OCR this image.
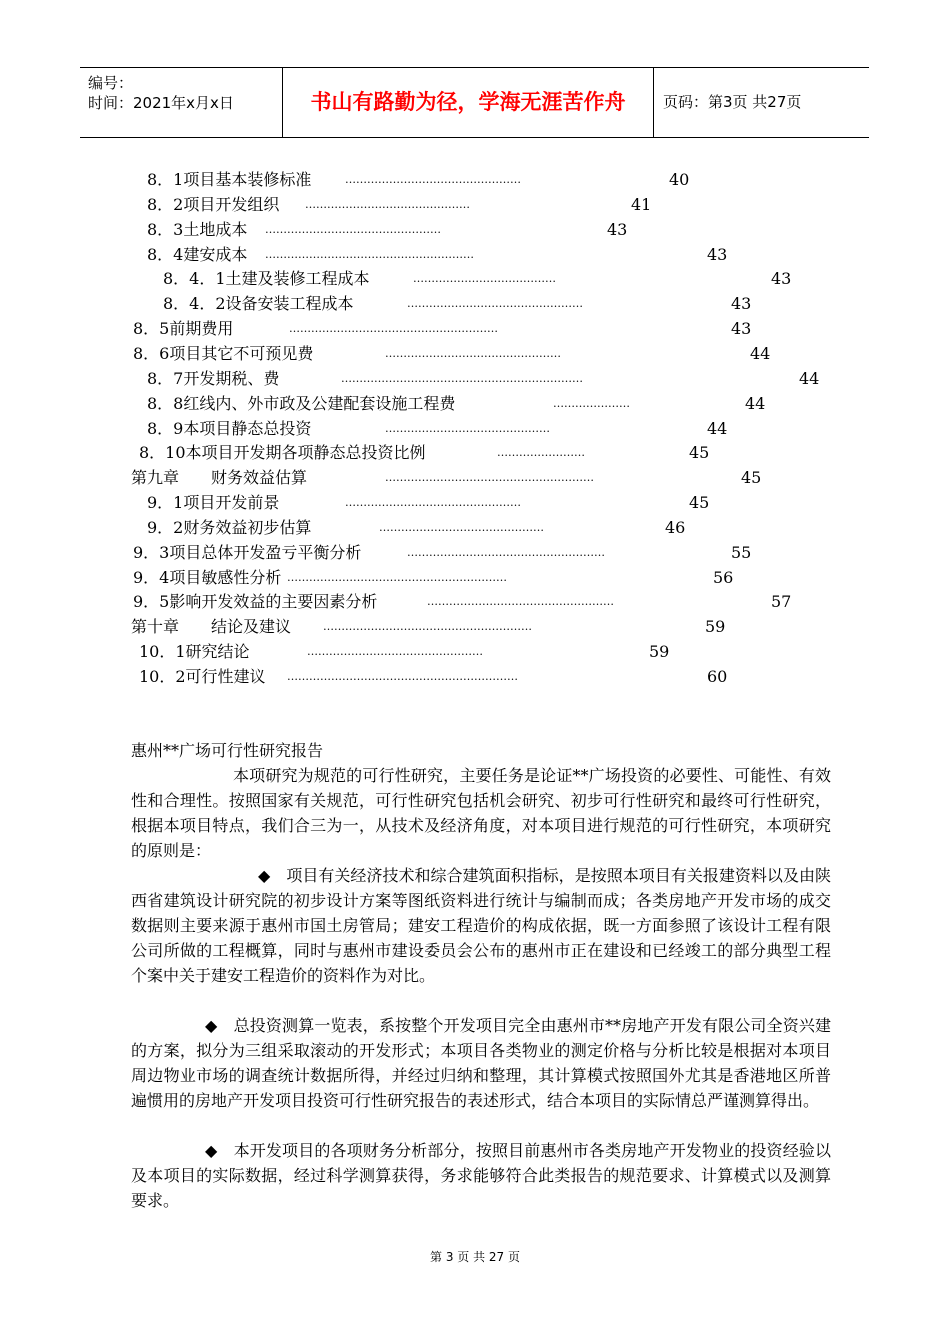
编号：
时间：2021年x月x日	书山有路勤为径，学海无涯苦作舟	页码：第3页 共27页
8．1项目基本装修标准	…………………………………………	40
8．2项目开发组织 ………………………………………	41
8．3土地成本 …………………………………………	43
8．4建安成本 …………………………………………………	43
8．4．1土建及装修工程成本	…………………………………	43
8．4．2设备安装工程成本	…………………………………………	43
8．5前期费用	…………………………………………………	43
8．6项目其它不可预见费	…………………………………………	44
8．7开发期税、费	…………………………………………………………	44
8．8红线内、外市政及公建配套设施工程费	…………………	44
8．9本项目静态总投资	………………………………………	44
8．10本项目开发期各项静态总投资比例	……………………	45
第九章　　财务效益估算	…………………………………………………	45
9．1项目开发前景	…………………………………………	45
9．2财务效益初步估算	………………………………………	46
9．3项目总体开发盈亏平衡分析	………………………………………………	55
9．4项目敏感性分析 ……………………………………………………	56
9．5影响开发效益的主要因素分析	……………………………………………	57
第十章　　结论及建议	…………………………………………………	59
10．1研究结论	…………………………………………	59
10．2可行性建议 ………………………………………………………	60
惠州**广场可行性研究报告
本项研究为规范的可行性研究，主要任务是论证**广场投资的必要性、可能性、有效性和合理性。按照国家有关规范，可行性研究包括机会研究、初步可行性研究和最终可行性研究，根据本项目特点，我们合三为一，从技术及经济角度，对本项目进行规范的可行性研究，本项研究的原则是：
◆　项目有关经济技术和综合建筑面积指标，是按照本项目有关报建资料以及由陕西省建筑设计研究院的初步设计方案等图纸资料进行统计与编制而成；各类房地产开发市场的成交数据则主要来源于惠州市国土房管局；建安工程造价的构成依据，既一方面参照了该设计工程有限公司所做的工程概算，同时与惠州市建设委员会公布的惠州市正在建设和已经竣工的部分典型工程个案中关于建安工程造价的资料作为对比。
◆　总投资测算一览表，系按整个开发项目完全由惠州市**房地产开发有限公司全资兴建的方案，拟分为三组采取滚动的开发形式；本项目各类物业的测定价格与分析比较是根据对本项目周边物业市场的调查统计数据所得，并经过归纳和整理，其计算模式按照国外尤其是香港地区所普遍惯用的房地产开发项目投资可行性研究报告的表述形式，结合本项目的实际情总严谨测算得出。
◆　本开发项目的各项财务分析部分，按照目前惠州市各类房地产开发物业的投资经验以及本项目的实际数据，经过科学测算获得，务求能够符合此类报告的规范要求、计算模式以及测算要求。
第 3 页 共 27 页
